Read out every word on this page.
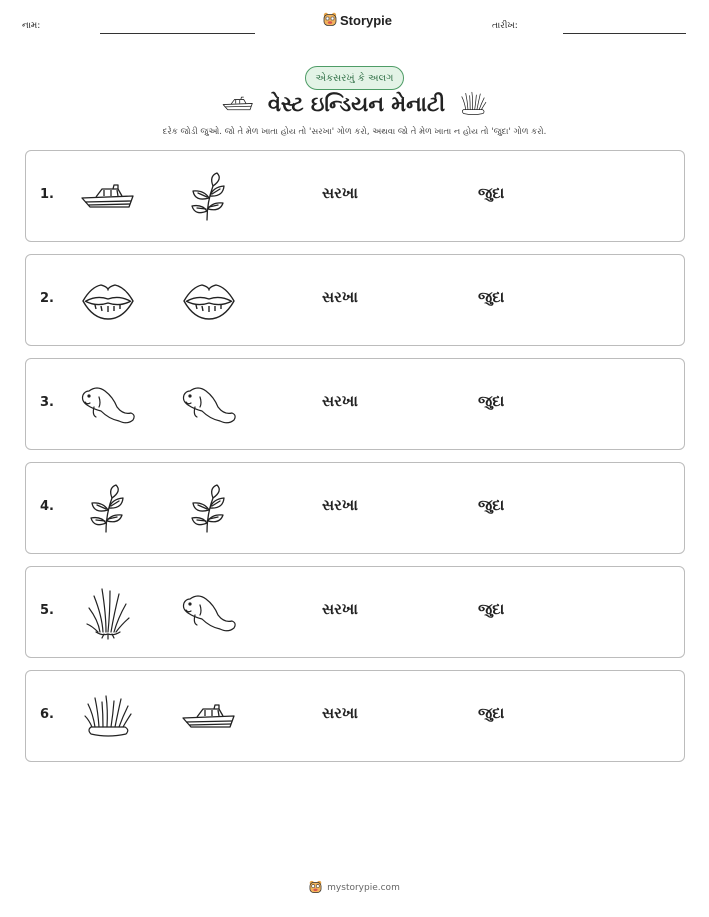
નામ:	Storypie	તારીખ:
એકસરખું કે અલગ
વેસ્ટ ઇન્ડિયન મેનાટી
દરેક જોડી જુઓ. જો તે મેળ ખાતા હોય તો 'સરખા' ગોળ કરો, અથવા જો તે મેળ ખાતા ન હોય તો 'જુદા' ગોળ કરો.
1.	સરખા	જુદા
2.	સરખા	જુદા
3.	સરખા	જુદા
4.	સરખા	જુદા
5.	સરખા	જુદા
6.	સરખા	જુદા
mystorypie.com
